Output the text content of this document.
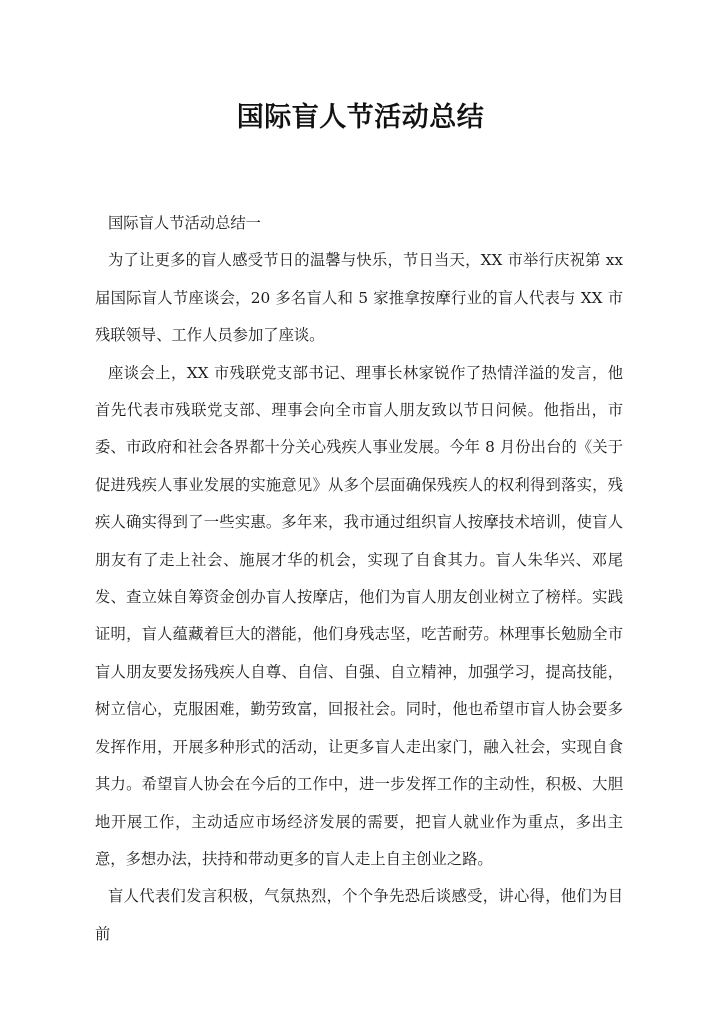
国际盲人节活动总结

国际盲人节活动总结一

为了让更多的盲人感受节日的温馨与快乐，节日当天，XX 市举行庆祝第 xx 届国际盲人节座谈会，20 多名盲人和 5 家推拿按摩行业的盲人代表与 XX 市残联领导、工作人员参加了座谈。

座谈会上，XX 市残联党支部书记、理事长林家锐作了热情洋溢的发言，他首先代表市残联党支部、理事会向全市盲人朋友致以节日问候。他指出，市委、市政府和社会各界都十分关心残疾人事业发展。今年 8 月份出台的《关于促进残疾人事业发展的实施意见》从多个层面确保残疾人的权利得到落实，残疾人确实得到了一些实惠。多年来，我市通过组织盲人按摩技术培训，使盲人朋友有了走上社会、施展才华的机会，实现了自食其力。盲人朱华兴、邓尾发、查立妹自筹资金创办盲人按摩店，他们为盲人朋友创业树立了榜样。实践证明，盲人蕴藏着巨大的潜能，他们身残志坚，吃苦耐劳。林理事长勉励全市盲人朋友要发扬残疾人自尊、自信、自强、自立精神，加强学习，提高技能，树立信心，克服困难，勤劳致富，回报社会。同时，他也希望市盲人协会要多发挥作用，开展多种形式的活动，让更多盲人走出家门，融入社会，实现自食其力。希望盲人协会在今后的工作中，进一步发挥工作的主动性，积极、大胆地开展工作，主动适应市场经济发展的需要，把盲人就业作为重点，多出主意，多想办法，扶持和带动更多的盲人走上自主创业之路。

盲人代表们发言积极，气氛热烈，个个争先恐后谈感受，讲心得，他们为目前
